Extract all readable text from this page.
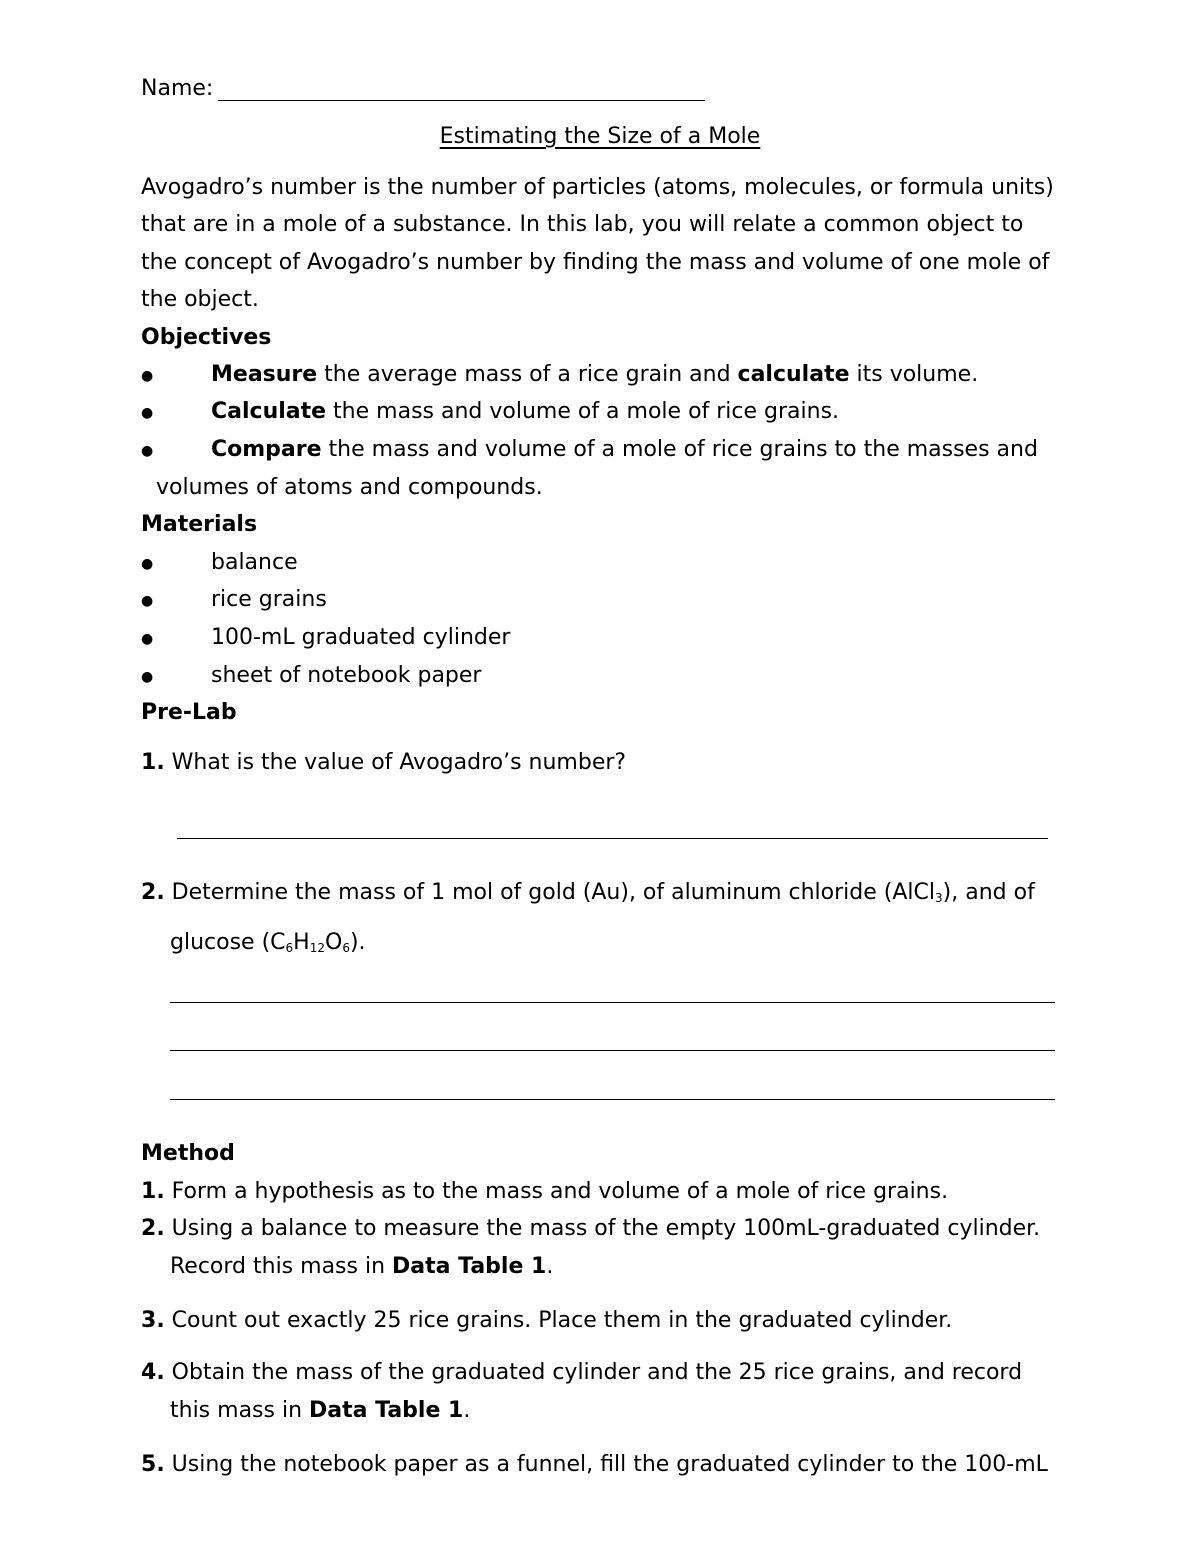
Name:
Estimating the Size of a Mole
Avogadro’s number is the number of particles (atoms, molecules, or formula units)
that are in a mole of a substance. In this lab, you will relate a common object to
the concept of Avogadro’s number by finding the mass and volume of one mole of
the object.
Objectives
●	Measure the average mass of a rice grain and calculate its volume.
●	Calculate the mass and volume of a mole of rice grains.
●	Compare the mass and volume of a mole of rice grains to the masses and
volumes of atoms and compounds.
Materials
●	balance
●	rice grains
●	100-mL graduated cylinder
●	sheet of notebook paper
Pre-Lab
1. What is the value of Avogadro’s number?
2. Determine the mass of 1 mol of gold (Au), of aluminum chloride (AlCl$_3$), and of
glucose $(C_6H_{12}O_6)$.
Method
1. Form a hypothesis as to the mass and volume of a mole of rice grains.
2. Using a balance to measure the mass of the empty 100mL-graduated cylinder.
Record this mass in Data Table 1.
3. Count out exactly 25 rice grains. Place them in the graduated cylinder.
4. Obtain the mass of the graduated cylinder and the 25 rice grains, and record
this mass in Data Table 1.
5. Using the notebook paper as a funnel, fill the graduated cylinder to the 100-mL
